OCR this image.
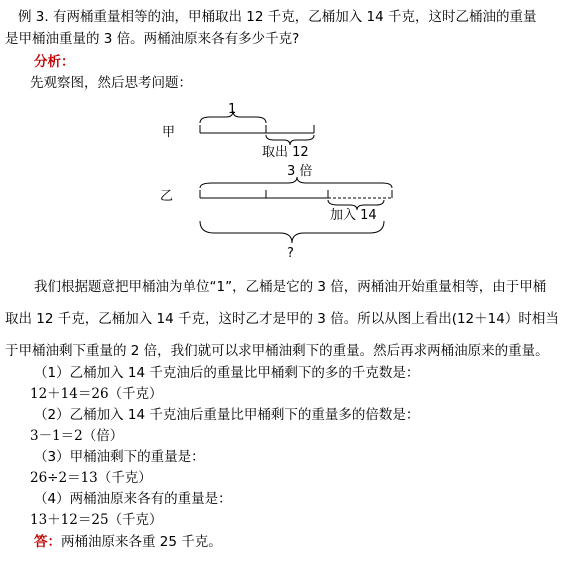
例 3. 有两桶重量相等的油，甲桶取出 12 千克，乙桶加入 14 千克，这时乙桶油的重量
是甲桶油重量的 3 倍。两桶油原来各有多少千克?
分析：
先观察图，然后思考问题：
甲
乙
1
取出 12
3 倍
加入 14
?
我们根据题意把甲桶油为单位“1”，乙桶是它的 3 倍，两桶油开始重量相等，由于甲桶
取出 12 千克，乙桶加入 14 千克，这时乙才是甲的 3 倍。所以从图上看出(12＋14）时相当
于甲桶油剩下重量的 2 倍，我们就可以求甲桶油剩下的重量。然后再求两桶油原来的重量。
（1）乙桶加入 14 千克油后的重量比甲桶剩下的多的千克数是：
12＋14＝26（千克）
（2）乙桶加入 14 千克油后重量比甲桶剩下的重量多的倍数是：
3－1＝2（倍）
（3）甲桶油剩下的重量是：
26÷2＝13（千克）
（4）两桶油原来各有的重量是：
13＋12＝25（千克）
答：两桶油原来各重 25 千克。
